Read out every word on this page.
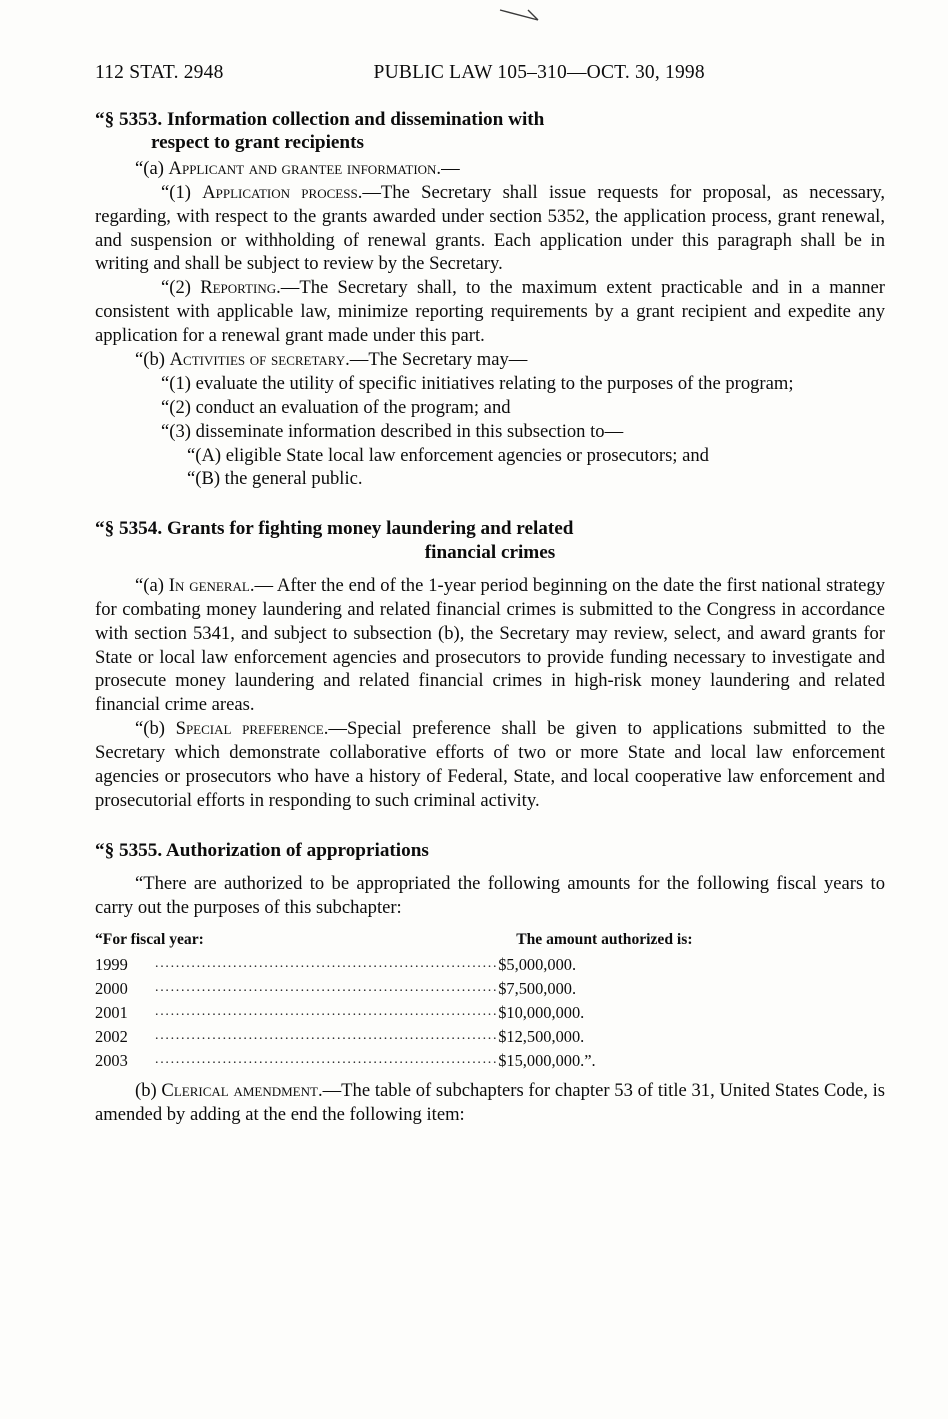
112 STAT. 2948	PUBLIC LAW 105–310—OCT. 30, 1998
“§ 5353. Information collection and dissemination with
respect to grant recipients

“(a) Applicant and grantee information.—

“(1) Application process.—The Secretary shall issue requests for proposal, as necessary, regarding, with respect to the grants awarded under section 5352, the application process, grant renewal, and suspension or withholding of renewal grants. Each application under this paragraph shall be in writing and shall be subject to review by the Secretary.

“(2) Reporting.—The Secretary shall, to the maximum extent practicable and in a manner consistent with applicable law, minimize reporting requirements by a grant recipient and expedite any application for a renewal grant made under this part.

“(b) Activities of secretary.—The Secretary may—

“(1) evaluate the utility of specific initiatives relating to the purposes of the program;

“(2) conduct an evaluation of the program; and

“(3) disseminate information described in this subsection to—

“(A) eligible State local law enforcement agencies or prosecutors; and

“(B) the general public.

“§ 5354. Grants for fighting money laundering and related
financial crimes

“(a) In general.— After the end of the 1-year period beginning on the date the first national strategy for combating money laundering and related financial crimes is submitted to the Congress in accordance with section 5341, and subject to subsection (b), the Secretary may review, select, and award grants for State or local law enforcement agencies and prosecutors to provide funding necessary to investigate and prosecute money laundering and related financial crimes in high-risk money laundering and related financial crime areas.

“(b) Special preference.—Special preference shall be given to applications submitted to the Secretary which demonstrate collaborative efforts of two or more State and local law enforcement agencies or prosecutors who have a history of Federal, State, and local cooperative law enforcement and prosecutorial efforts in responding to such criminal activity.

“§ 5355. Authorization of appropriations

“There are authorized to be appropriated the following amounts for the following fiscal years to carry out the purposes of this subchapter:

“For fiscal year:		The amount authorized is:
1999	..................................................................	$5,000,000.
2000	..................................................................	$7,500,000.
2001	..................................................................	$10,000,000.
2002	..................................................................	$12,500,000.
2003	..................................................................	$15,000,000.”.

(b) Clerical amendment.—The table of subchapters for chapter 53 of title 31, United States Code, is amended by adding at the end the following item:
